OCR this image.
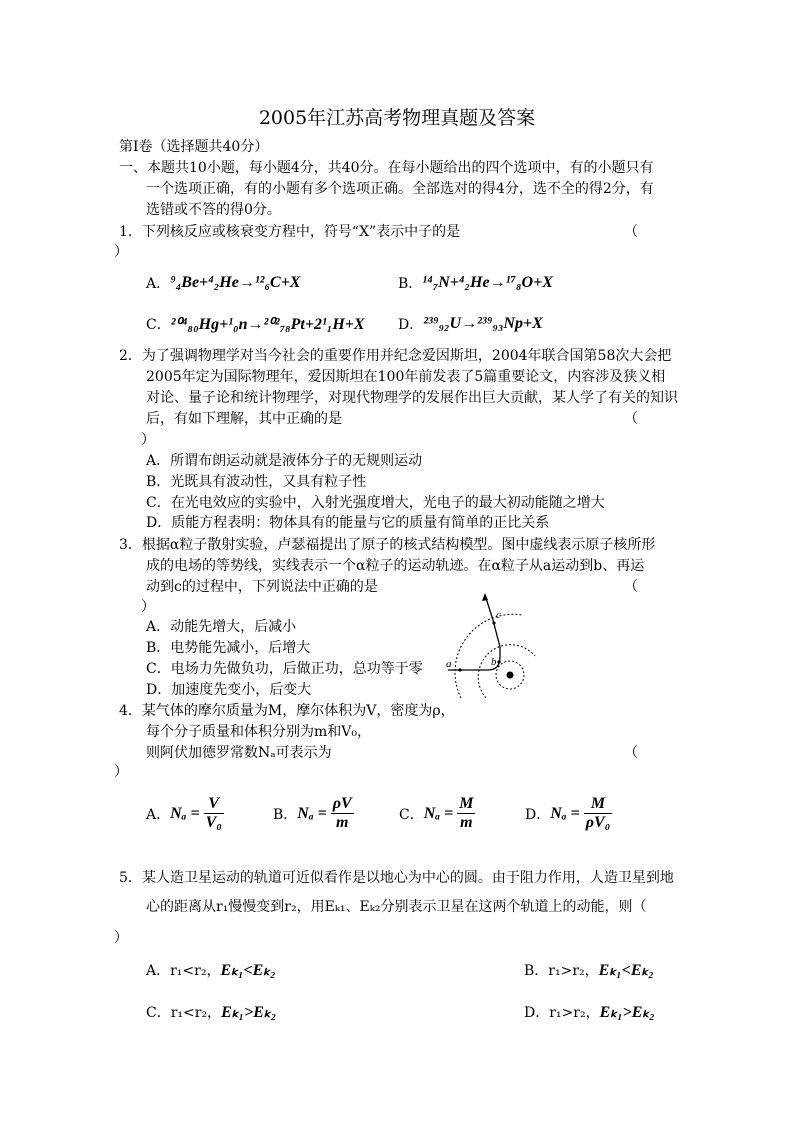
2005年江苏高考物理真题及答案
第Ⅰ卷（选择题共40分）
一、本题共10小题，每小题4分，共40分。在每小题给出的四个选项中，有的小题只有
一个选项正确，有的小题有多个选项正确。全部选对的得4分，选不全的得2分，有
选错或不答的得0分。
1．下列核反应或核衰变方程中，符号“X”表示中子的是	（
）
A． ⁹₄Be+⁴₂He→¹²₆C+X	B． ¹⁴₇N+⁴₂He→¹⁷₈O+X
C． ²⁰⁴₈₀Hg+¹₀n→²⁰²₇₈Pt+2¹₁H+X D． ²³⁹₉₂U→²³⁹₉₃Np+X
2．为了强调物理学对当今社会的重要作用并纪念爱因斯坦，2004年联合国第58次大会把
2005年定为国际物理年，爱因斯坦在100年前发表了5篇重要论文，内容涉及狭义相
对论、量子论和统计物理学，对现代物理学的发展作出巨大贡献，某人学了有关的知识
后，有如下理解，其中正确的是	（
）
A．所谓布朗运动就是液体分子的无规则运动
B．光既具有波动性，又具有粒子性
C．在光电效应的实验中，入射光强度增大，光电子的最大初动能随之增大
D．质能方程表明：物体具有的能量与它的质量有简单的正比关系
3．根据α粒子散射实验，卢瑟福提出了原子的核式结构模型。图中虚线表示原子核所形
成的电场的等势线，实线表示一个α粒子的运动轨迹。在α粒子从a运动到b、再运
动到c的过程中，下列说法中正确的是	（
）
A．动能先增大，后减小
B．电势能先减小，后增大
C．电场力先做负功，后做正功，总功等于零
D．加速度先变小，后变大
a	b
c
4．某气体的摩尔质量为M，摩尔体积为V，密度为ρ，
每个分子质量和体积分别为m和V₀，
则阿伏加德罗常数Nₐ可表示为	（
）
A． $N_a = \frac{V}{\text{V₀}}$	B． $N_a = \frac{\rho V}{m}$	C． $N_a = \frac{M}{m}$	D． $N_a = \frac{M}{\text{ρV₀}}$
5．某人造卫星运动的轨道可近似看作是以地心为中心的圆。由于阻力作用，人造卫星到地
心的距离从r₁慢慢变到r₂，用Eₖ₁、Eₖ₂分别表示卫星在这两个轨道上的动能，则（
）
A．r₁<r₂， Eₖ₁<Eₖ₂	B．r₁>r₂， Eₖ₁<Eₖ₂
C．r₁<r₂， Eₖ₁>Eₖ₂	D．r₁>r₂， Eₖ₁>Eₖ₂
